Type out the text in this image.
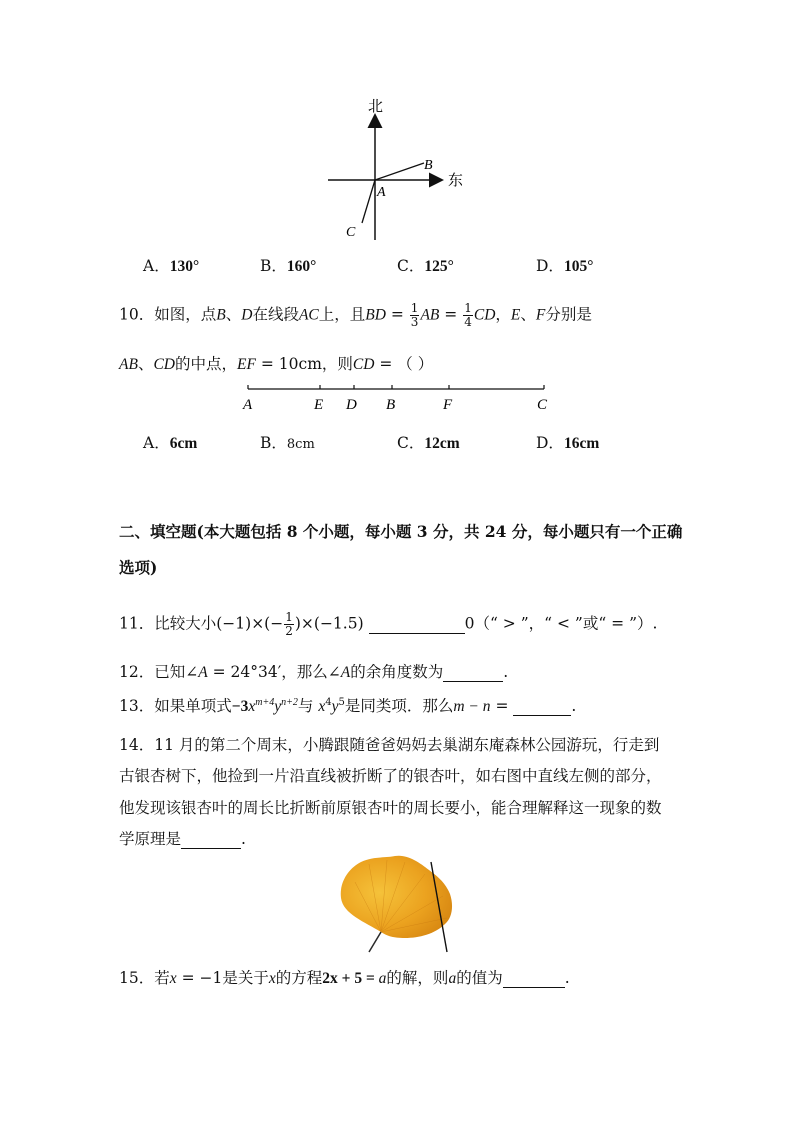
北
东
A
B
C
A．130°	B．160°	C．125°	D．105°
10．如图，点B、D在线段AC上，且BD = $\frac{1}{3}$ AB = $\frac{1}{4}$ CD，E、F分别是
AB、CD的中点，EF = 10cm，则CD = （ ）
A	E D B	F	C
A．6cm	B．8cm	C．12cm	D．16cm
二、填空题(本大题包括 8 个小题，每小题 3 分，共 24 分，每小题只有一个正确
选项)
11．比较大小$(-1)\times(- \frac{1}{2} )\times(-1.5)$	0（“ > ”，“ < ”或“ = ”）.
12．已知∠A = 24°34′，那么∠A的余角度数为	.
13．如果单项式$-3x^{m+4}y^{n+2}$与 $x^4y^5$是同类项．那么m − n =	.
14．11 月的第二个周末，小腾跟随爸爸妈妈去巢湖东庵森林公园游玩，行走到
古银杏树下，他捡到一片沿直线被折断了的银杏叶，如右图中直线左侧的部分，
他发现该银杏叶的周长比折断前原银杏叶的周长要小，能合理解释这一现象的数
学原理是	.
15．若x = −1是关于x的方程2x + 5 = a的解，则a的值为	.
